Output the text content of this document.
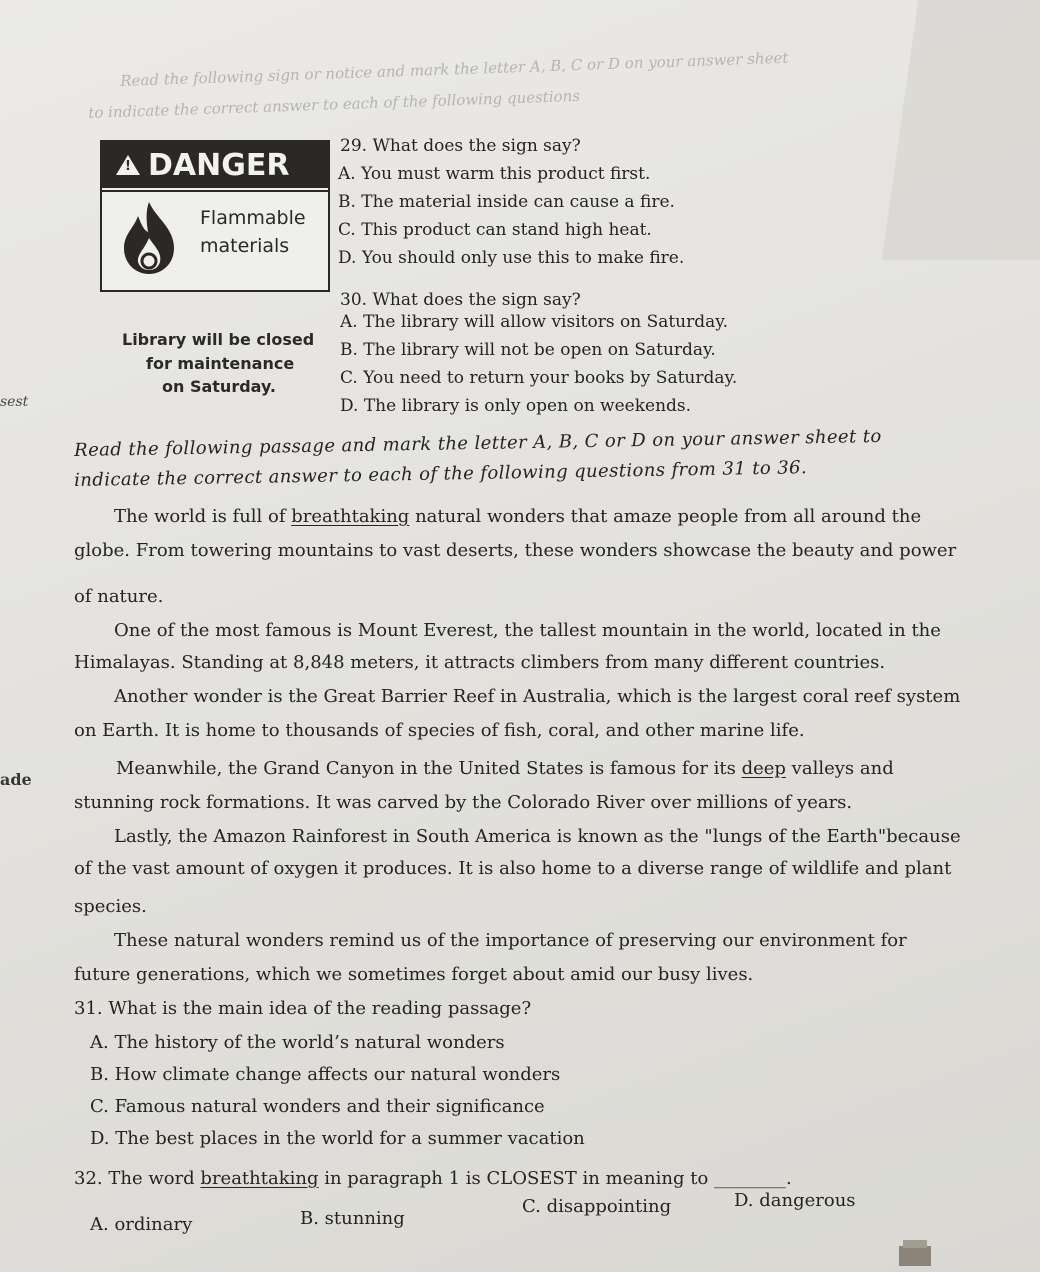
Read the following sign or notice and mark the letter A, B, C or D on your answer sheet
to indicate the correct answer to each of the following questions
!
DANGER
Flammable
materials
29. What does the sign say?
A. You must warm this product first.
B. The material inside can cause a fire.
C. This product can stand high heat.
D. You should only use this to make fire.
Library will be closed
for maintenance
on Saturday.
30. What does the sign say?
A. The library will allow visitors on Saturday.
B. The library will not be open on Saturday.
C. You need to return your books by Saturday.
D. The library is only open on weekends.
sest
ade
Read the following passage and mark the letter A, B, C or D on your answer sheet to
indicate the correct answer to each of the following questions from 31 to 36.
The world is full of breathtaking natural wonders that amaze people from all around the
globe. From towering mountains to vast deserts, these wonders showcase the beauty and power
of nature.
One of the most famous is Mount Everest, the tallest mountain in the world, located in the
Himalayas. Standing at 8,848 meters, it attracts climbers from many different countries.
Another wonder is the Great Barrier Reef in Australia, which is the largest coral reef system
on Earth. It is home to thousands of species of fish, coral, and other marine life.
Meanwhile, the Grand Canyon in the United States is famous for its deep valleys and
stunning rock formations. It was carved by the Colorado River over millions of years.
Lastly, the Amazon Rainforest in South America is known as the "lungs of the Earth"because
of the vast amount of oxygen it produces. It is also home to a diverse range of wildlife and plant
species.
These natural wonders remind us of the importance of preserving our environment for
future generations, which we sometimes forget about amid our busy lives.
31. What is the main idea of the reading passage?
A. The history of the world’s natural wonders
B. How climate change affects our natural wonders
C. Famous natural wonders and their significance
D. The best places in the world for a summer vacation
32. The word breathtaking in paragraph 1 is CLOSEST in meaning to ________.
A. ordinary	B. stunning
C. disappointing	D. dangerous
